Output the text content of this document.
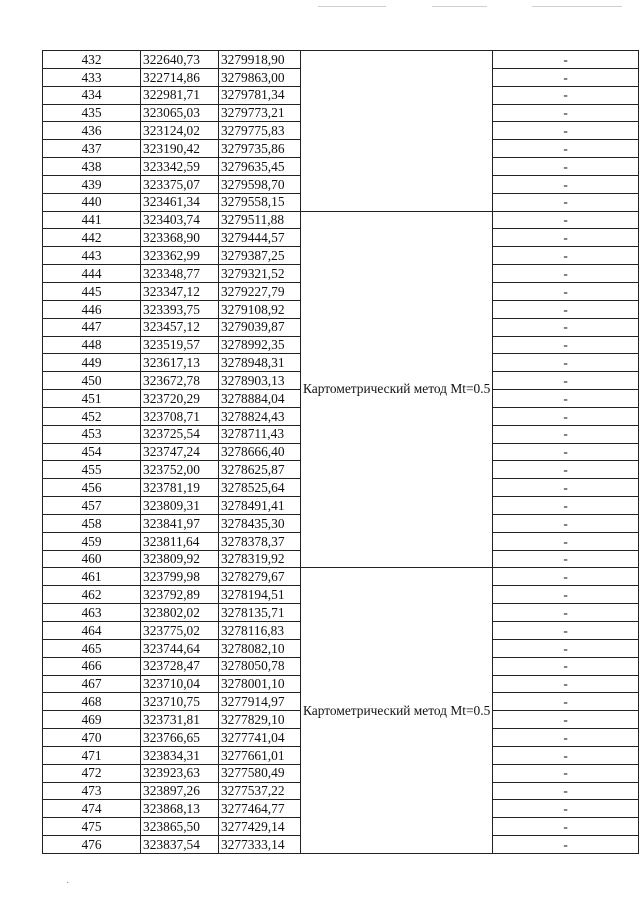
432	322640,73	3279918,90		-
433	322714,86	3279863,00		-
434	322981,71	3279781,34		-
435	323065,03	3279773,21		-
436	323124,02	3279775,83		-
437	323190,42	3279735,86		-
438	323342,59	3279635,45		-
439	323375,07	3279598,70		-
440	323461,34	3279558,15		-
441	323403,74	3279511,88	Картометрический метод Mt=0.5	-
442	323368,90	3279444,57		-
443	323362,99	3279387,25		-
444	323348,77	3279321,52		-
445	323347,12	3279227,79		-
446	323393,75	3279108,92		-
447	323457,12	3279039,87		-
448	323519,57	3278992,35		-
449	323617,13	3278948,31		-
450	323672,78	3278903,13		-
451	323720,29	3278884,04		-
452	323708,71	3278824,43		-
453	323725,54	3278711,43		-
454	323747,24	3278666,40		-
455	323752,00	3278625,87		-
456	323781,19	3278525,64		-
457	323809,31	3278491,41		-
458	323841,97	3278435,30		-
459	323811,64	3278378,37		-
460	323809,92	3278319,92		-
461	323799,98	3278279,67	Картометрический метод Mt=0.5	-
462	323792,89	3278194,51		-
463	323802,02	3278135,71		-
464	323775,02	3278116,83		-
465	323744,64	3278082,10		-
466	323728,47	3278050,78		-
467	323710,04	3278001,10		-
468	323710,75	3277914,97		-
469	323731,81	3277829,10		-
470	323766,65	3277741,04		-
471	323834,31	3277661,01		-
472	323923,63	3277580,49		-
473	323897,26	3277537,22		-
474	323868,13	3277464,77		-
475	323865,50	3277429,14		-
476	323837,54	3277333,14		-
·
